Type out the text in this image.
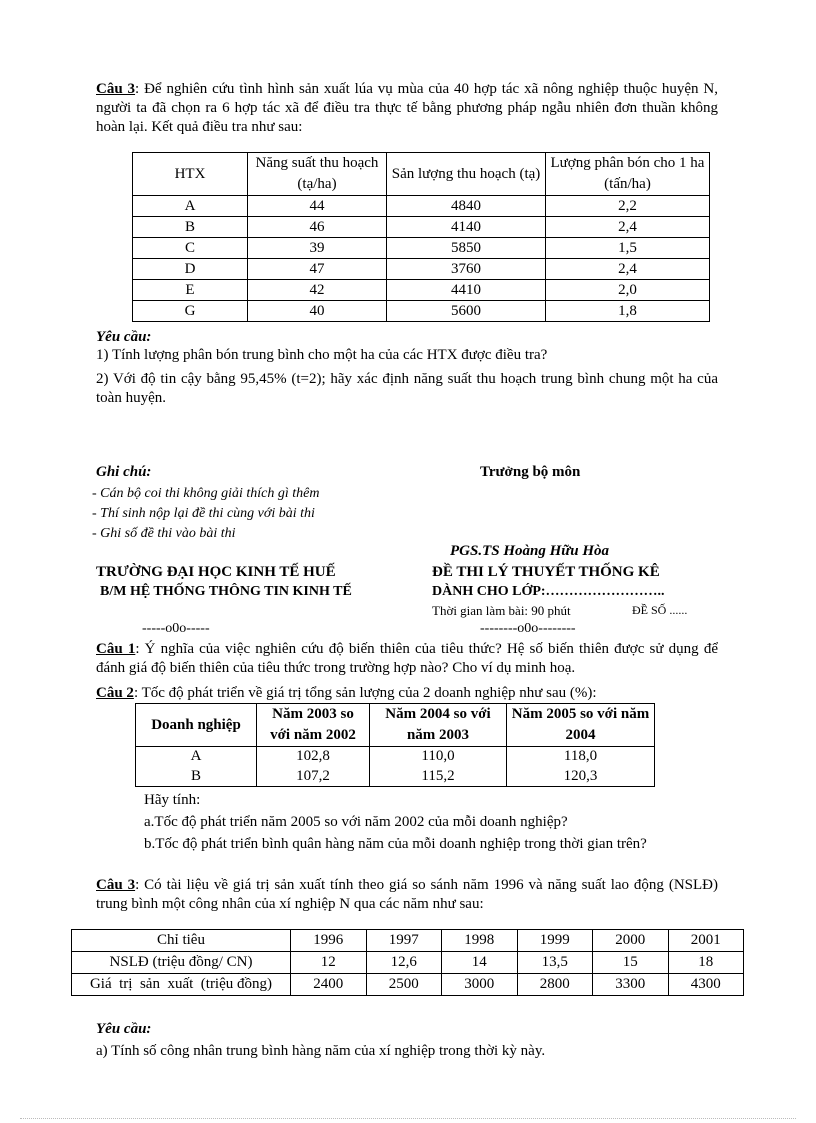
Câu 3: Để nghiên cứu tình hình sản xuất lúa vụ mùa của 40 hợp tác xã nông nghiệp thuộc huyện N, người ta đã chọn ra 6 hợp tác xã để điều tra thực tế bằng phương pháp ngẫu nhiên đơn thuần không hoàn lại. Kết quả điều tra như sau:

HTX	Năng suất thu hoạch (tạ/ha)	Sản lượng thu hoạch (tạ)	Lượng phân bón cho 1 ha (tấn/ha)
A	44	4840	2,2
B	46	4140	2,4
C	39	5850	1,5
D	47	3760	2,4
E	42	4410	2,0
G	40	5600	1,8
Yêu cầu:

1) Tính lượng phân bón trung bình cho một ha của các HTX được điều tra?

2) Với độ tin cậy bằng 95,45% (t=2); hãy xác định năng suất thu hoạch trung bình chung một ha của toàn huyện.

Ghi chú:
- Cán bộ coi thi không giải thích gì thêm
- Thí sinh nộp lại đề thi cùng với bài thi
- Ghi số đề thi vào bài thi
Trưởng bộ môn
PGS.TS Hoàng Hữu Hòa
TRƯỜNG ĐẠI HỌC KINH TẾ HUẾ
B/M HỆ THỐNG THÔNG TIN KINH TẾ
ĐỀ THI LÝ THUYẾT THỐNG KÊ
DÀNH CHO LỚP:……………………..
Thời gian làm bài: 90 phút	ĐỀ SỐ ......
-----o0o-----	--------o0o--------

Câu 1: Ý nghĩa của việc nghiên cứu độ biến thiên của tiêu thức? Hệ số biến thiên được sử dụng để đánh giá độ biến thiên của tiêu thức trong trường hợp nào? Cho ví dụ minh hoạ.

Câu 2: Tốc độ phát triển về giá trị tổng sản lượng của 2 doanh nghiệp như sau (%):

Doanh nghiệp	Năm 2003 so với năm 2002	Năm 2004 so với năm 2003	Năm 2005 so với năm 2004
A	102,8	110,0	118,0
B	107,2	115,2	120,3
Hãy tính:

a.Tốc độ phát triển năm 2005 so với năm 2002 của mỗi doanh nghiệp?

b.Tốc độ phát triển bình quân hàng năm của mỗi doanh nghiệp trong thời gian trên?

Câu 3: Có tài liệu về giá trị sản xuất tính theo giá so sánh năm 1996 và năng suất lao động (NSLĐ) trung bình một công nhân của xí nghiệp N qua các năm như sau:

Chỉ tiêu	1996	1997	1998	1999	2000	2001
NSLĐ (triệu đồng/ CN)	12	12,6	14	13,5	15	18
Giá  trị  sản  xuất  (triệu đồng)	2400	2500	3000	2800	3300	4300
Yêu cầu:

a) Tính số công nhân trung bình hàng năm của xí nghiệp trong thời kỳ này.
